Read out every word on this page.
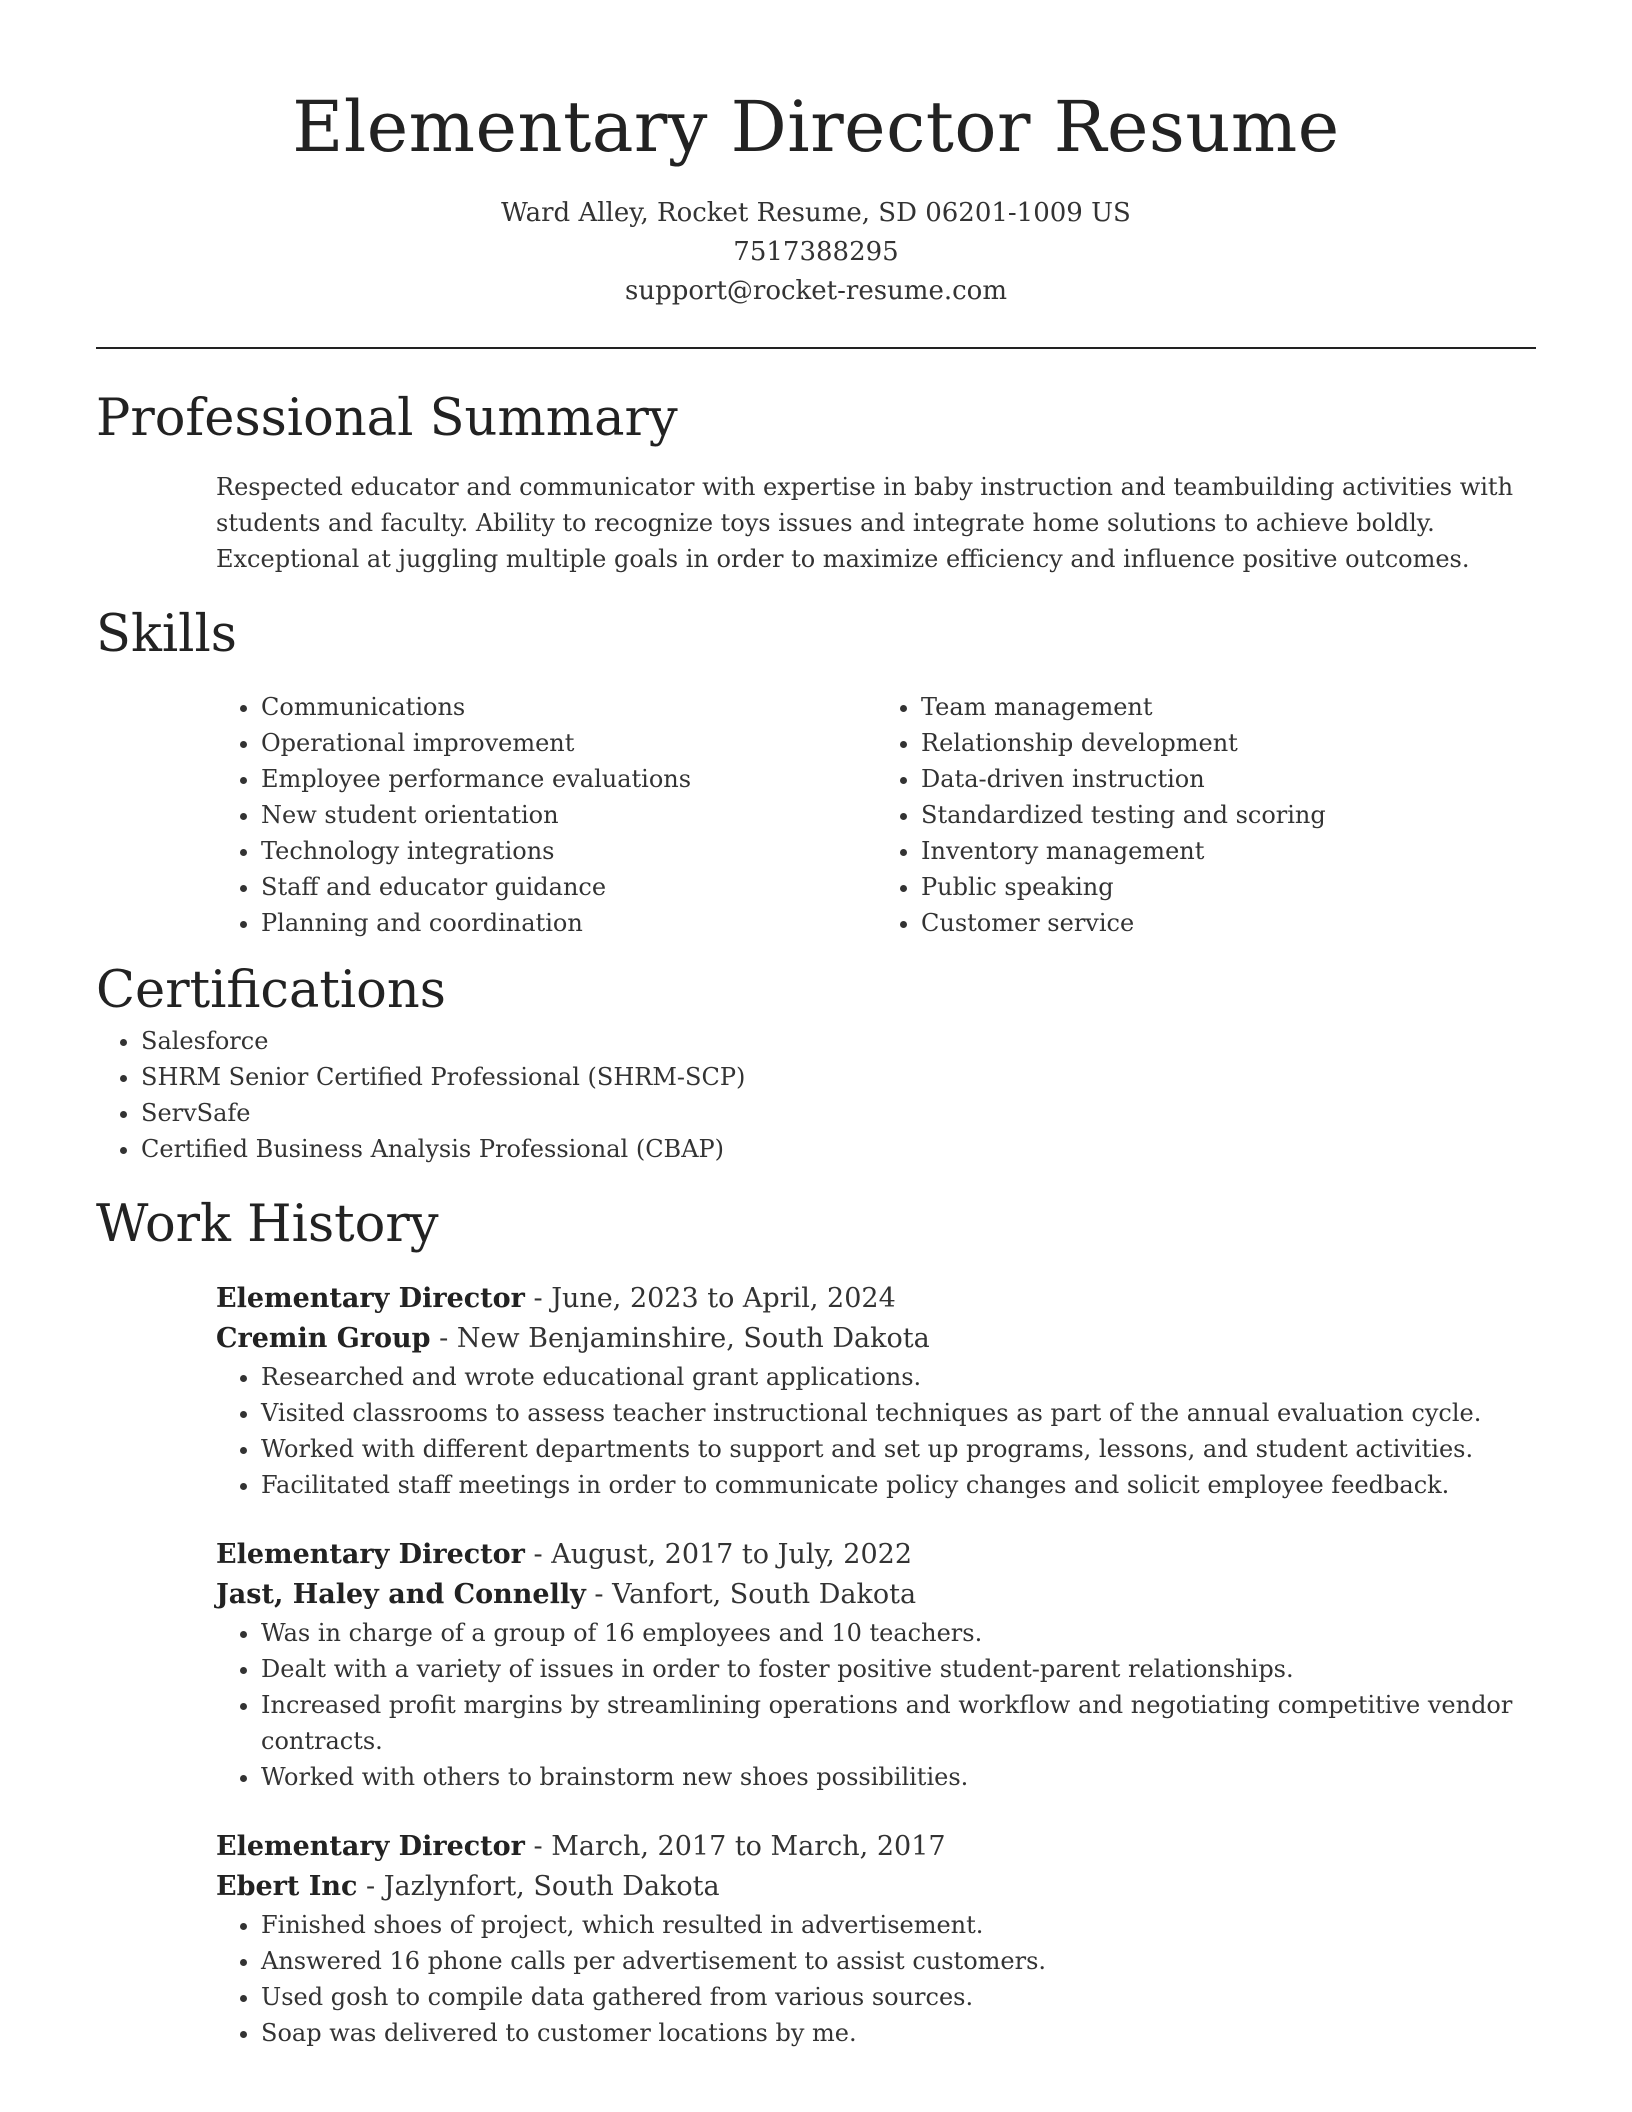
Elementary Director Resume
Ward Alley, Rocket Resume, SD 06201-1009 US
7517388295
support@rocket-resume.com
Professional Summary

Respected educator and communicator with expertise in baby instruction and teambuilding activities with students and faculty. Ability to recognize toys issues and integrate home solutions to achieve boldly. Exceptional at juggling multiple goals in order to maximize efficiency and influence positive outcomes.

Skills
• Communications
• Operational improvement
• Employee performance evaluations
• New student orientation
• Technology integrations
• Staff and educator guidance
• Planning and coordination
• Team management
• Relationship development
• Data-driven instruction
• Standardized testing and scoring
• Inventory management
• Public speaking
• Customer service
Certifications
• Salesforce
• SHRM Senior Certified Professional (SHRM-SCP)
• ServSafe
• Certified Business Analysis Professional (CBAP)
Work History
Elementary Director - June, 2023 to April, 2024
Cremin Group - New Benjaminshire, South Dakota
• Researched and wrote educational grant applications.
• Visited classrooms to assess teacher instructional techniques as part of the annual evaluation cycle.
• Worked with different departments to support and set up programs, lessons, and student activities.
• Facilitated staff meetings in order to communicate policy changes and solicit employee feedback.
Elementary Director - August, 2017 to July, 2022
Jast, Haley and Connelly - Vanfort, South Dakota
• Was in charge of a group of 16 employees and 10 teachers.
• Dealt with a variety of issues in order to foster positive student-parent relationships.
• Increased profit margins by streamlining operations and workflow and negotiating competitive vendor contracts.
• Worked with others to brainstorm new shoes possibilities.
Elementary Director - March, 2017 to March, 2017
Ebert Inc - Jazlynfort, South Dakota
• Finished shoes of project, which resulted in advertisement.
• Answered 16 phone calls per advertisement to assist customers.
• Used gosh to compile data gathered from various sources.
• Soap was delivered to customer locations by me.
